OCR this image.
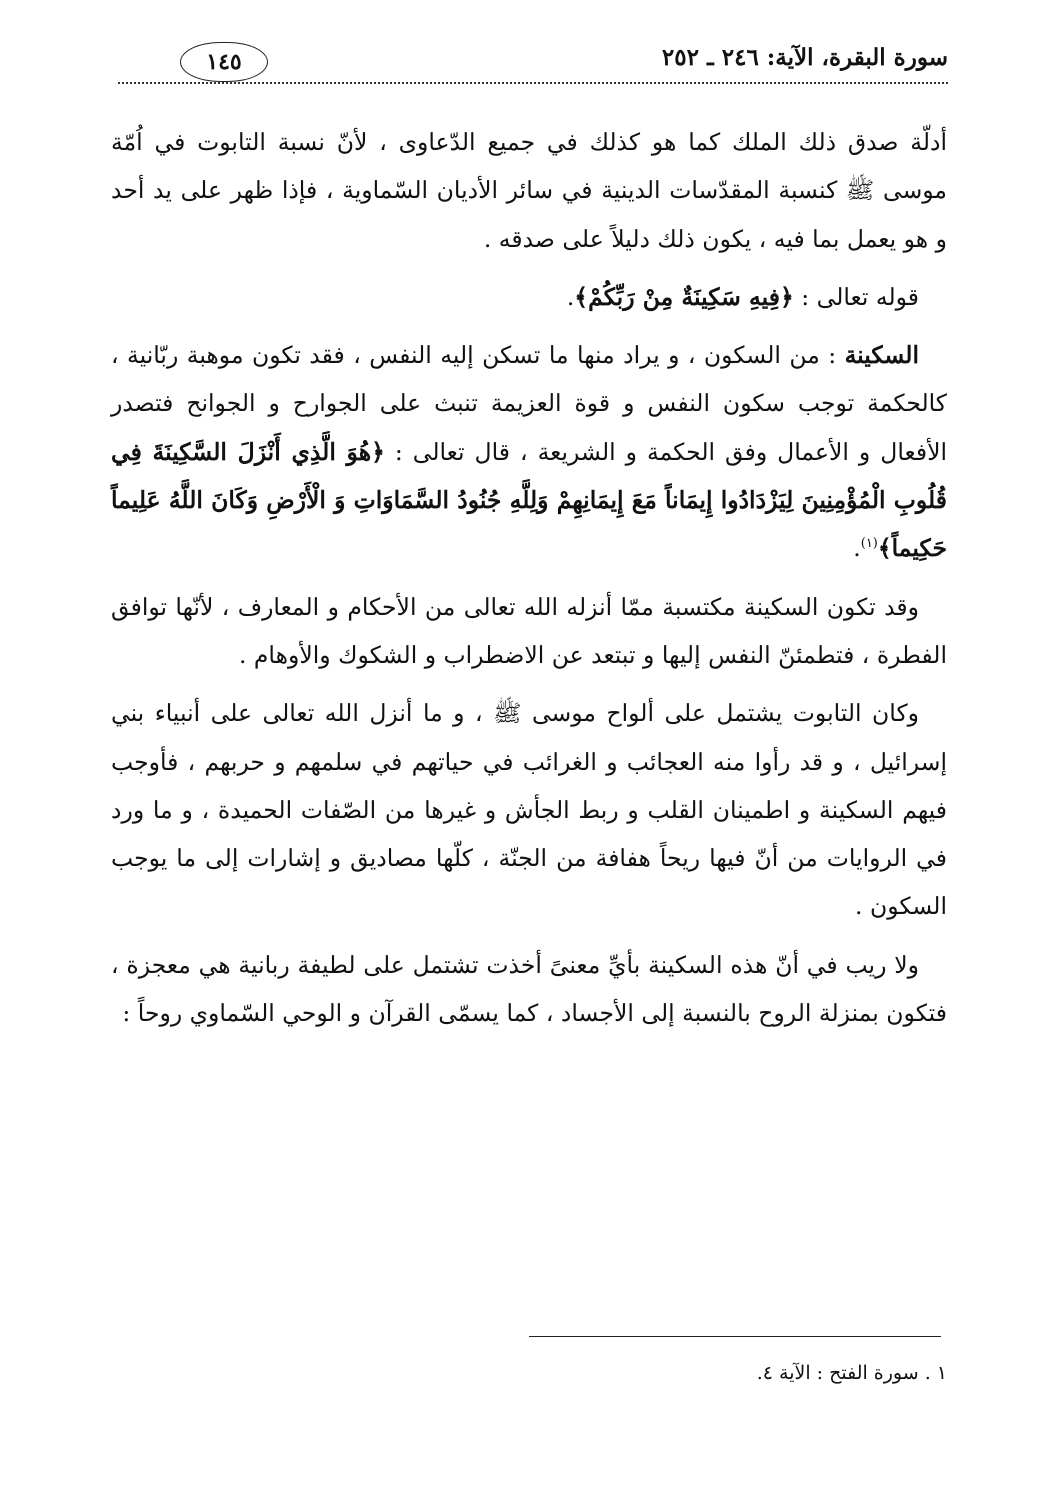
سورة البقرة، الآية: ٢٤٦ ـ ٢٥٢
١٤٥

أدلّة صدق ذلك الملك كما هو كذلك في جميع الدّعاوى ، لأنّ نسبة التابوت في اُمّة موسى ﷺ كنسبة المقدّسات الدينية في سائر الأديان السّماوية ، فإذا ظهر على يد أحد و هو يعمل بما فيه ، يكون ذلك دليلاً على صدقه .

قوله تعالى : ﴿فِيهِ سَكِينَةٌ مِنْ رَبِّكُمْ﴾.

السكينة : من السكون ، و يراد منها ما تسكن إليه النفس ، فقد تكون موهبة ربّانية ، كالحكمة توجب سكون النفس و قوة العزيمة تنبث على الجوارح و الجوانح فتصدر الأفعال و الأعمال وفق الحكمة و الشريعة ، قال تعالى : ﴿هُوَ الَّذِي أَنْزَلَ السَّكِينَةَ فِي قُلُوبِ الْمُؤْمِنِينَ لِيَزْدَادُوا إِيمَاناً مَعَ إِيمَانِهِمْ وَلِلَّهِ جُنُودُ السَّمَاوَاتِ وَ الْأَرْضِ وَكَانَ اللَّهُ عَلِيماً حَكِيماً﴾$^{(١)}$.

وقد تكون السكينة مكتسبة ممّا أنزله الله تعالى من الأحكام و المعارف ، لأنّها توافق الفطرة ، فتطمئنّ النفس إليها و تبتعد عن الاضطراب و الشكوك والأوهام .

وكان التابوت يشتمل على ألواح موسى ﷺ ، و ما أنزل الله تعالى على أنبياء بني إسرائيل ، و قد رأوا منه العجائب و الغرائب في حياتهم في سلمهم و حربهم ، فأوجب فيهم السكينة و اطمينان القلب و ربط الجأش و غيرها من الصّفات الحميدة ، و ما ورد في الروايات من أنّ فيها ريحاً هفافة من الجنّة ، كلّها مصاديق و إشارات إلى ما يوجب السكون .

ولا ريب في أنّ هذه السكينة بأيِّ معنىً أخذت تشتمل على لطيفة ربانية هي معجزة ، فتكون بمنزلة الروح بالنسبة إلى الأجساد ، كما يسمّى القرآن و الوحي السّماوي روحاً :

١ . سورة الفتح : الآية ٤.
